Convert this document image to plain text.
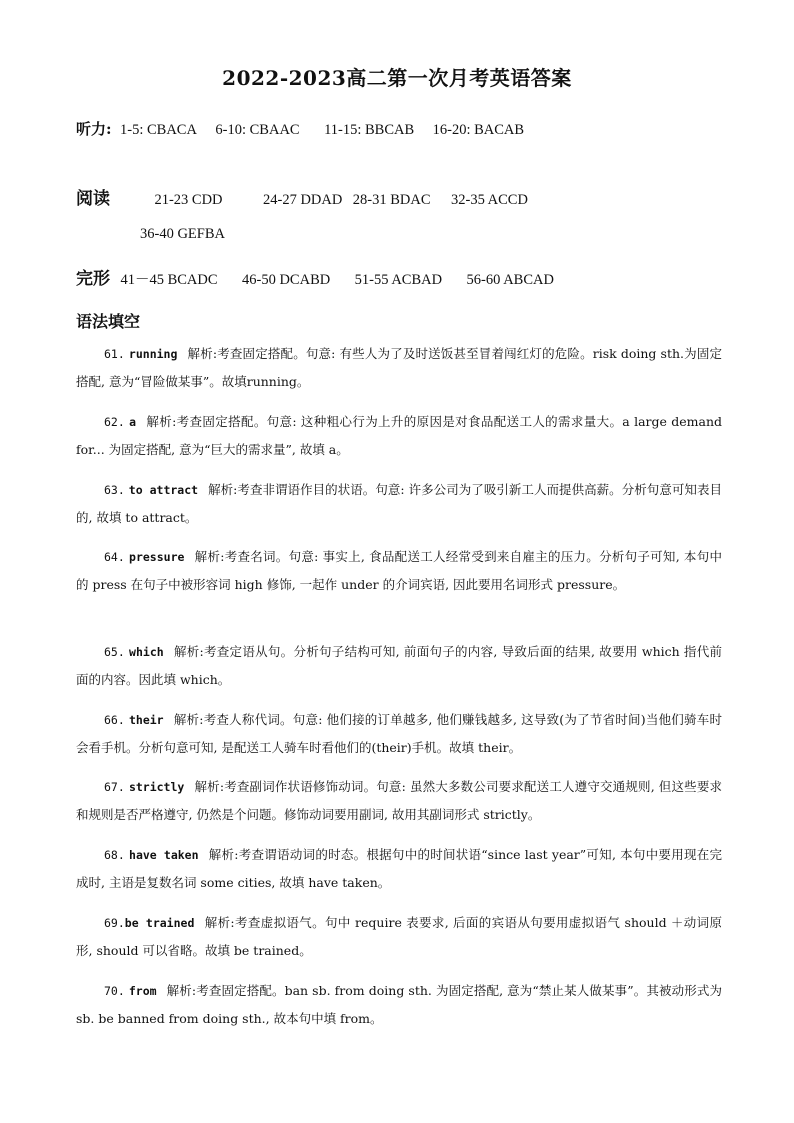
2022-2023高二第一次月考英语答案
听力: 1-5: CBACA 6-10: CBAAC 11-15: BBCAB 16-20: BACAB
阅读	21-23 CDD	24-27 DDAD 28-31 BDAC 32-35 ACCD
36-40 GEFBA
完形 41－45 BCADC 46-50 DCABD 51-55 ACBAD 56-60 ABCAD
语法填空

61. running 解析:考查固定搭配。句意: 有些人为了及时送饭甚至冒着闯红灯的危险。risk doing sth.为固定搭配, 意为“冒险做某事”。故填running。

62. a 解析:考查固定搭配。句意: 这种粗心行为上升的原因是对食品配送工人的需求量大。a large demand for... 为固定搭配, 意为“巨大的需求量”, 故填 a。

63. to attract 解析:考查非谓语作目的状语。句意: 许多公司为了吸引新工人而提供高薪。分析句意可知表目的, 故填 to attract。

64. pressure 解析:考查名词。句意: 事实上, 食品配送工人经常受到来自雇主的压力。分析句子可知, 本句中的 press 在句子中被形容词 high 修饰, 一起作 under 的介词宾语, 因此要用名词形式 pressure。

65. which 解析:考查定语从句。分析句子结构可知, 前面句子的内容, 导致后面的结果, 故要用 which 指代前面的内容。因此填 which。

66. their 解析:考查人称代词。句意: 他们接的订单越多, 他们赚钱越多, 这导致(为了节省时间)当他们骑车时会看手机。分析句意可知, 是配送工人骑车时看他们的(their)手机。故填 their。

67. strictly 解析:考查副词作状语修饰动词。句意: 虽然大多数公司要求配送工人遵守交通规则, 但这些要求和规则是否严格遵守, 仍然是个问题。修饰动词要用副词, 故用其副词形式 strictly。

68. have taken 解析:考查谓语动词的时态。根据句中的时间状语“since last year”可知, 本句中要用现在完成时, 主语是复数名词 some cities, 故填 have taken。

69.be trained 解析:考查虚拟语气。句中 require 表要求, 后面的宾语从句要用虚拟语气 should ＋动词原形, should 可以省略。故填 be trained。

70. from 解析:考查固定搭配。ban sb. from doing sth. 为固定搭配, 意为“禁止某人做某事”。其被动形式为 sb. be banned from doing sth., 故本句中填 from。
